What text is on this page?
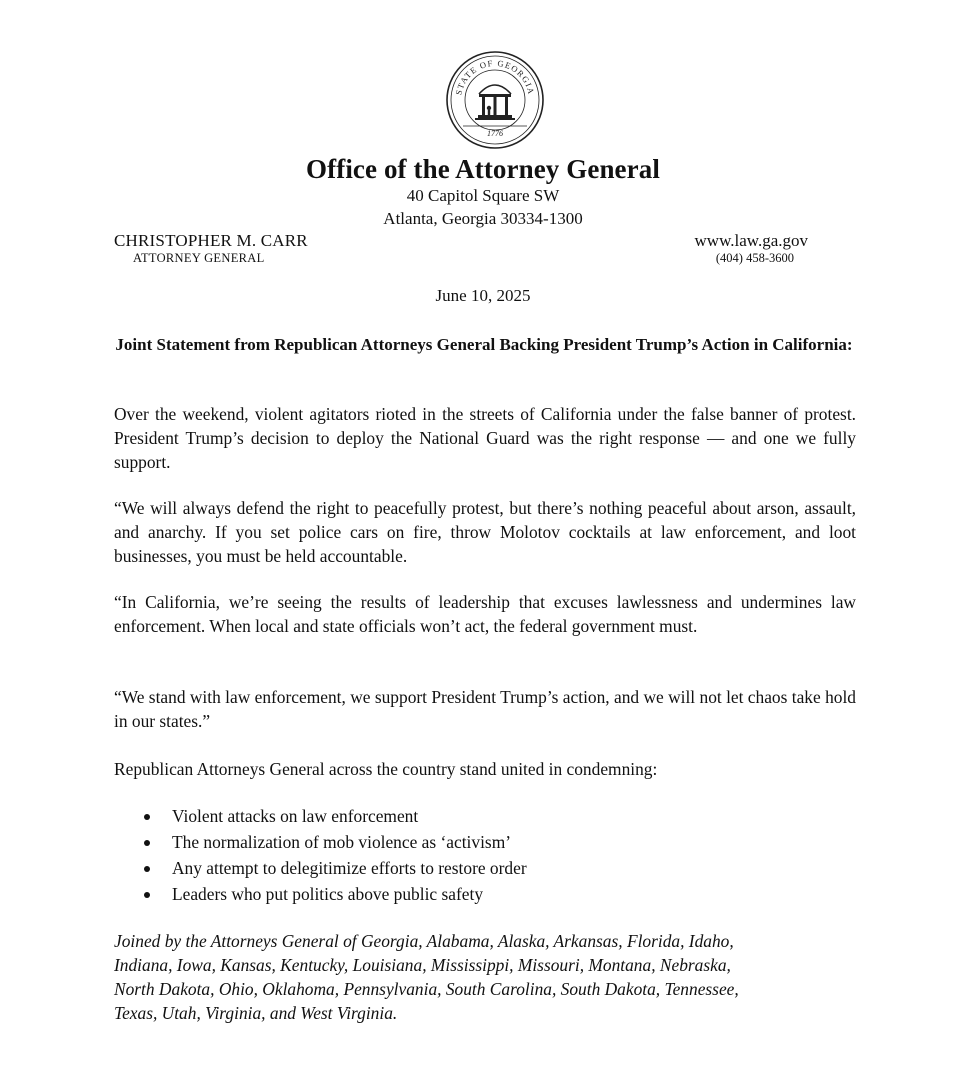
STATE OF GEORGIA
1776
Office of the Attorney General
40 Capitol Square SW
Atlanta, Georgia 30334-1300
CHRISTOPHER M. CARR
ATTORNEY GENERAL
www.law.ga.gov
(404) 458-3600
June 10, 2025
Joint Statement from Republican Attorneys General Backing President Trump’s Action in California:

Over the weekend, violent agitators rioted in the streets of California under the false banner of protest. President Trump’s decision to deploy the National Guard was the right response — and one we fully support.

“We will always defend the right to peacefully protest, but there’s nothing peaceful about arson, assault, and anarchy. If you set police cars on fire, throw Molotov cocktails at law enforcement, and loot businesses, you must be held accountable.

“In California, we’re seeing the results of leadership that excuses lawlessness and undermines law enforcement. When local and state officials won’t act, the federal government must.

“We stand with law enforcement, we support President Trump’s action, and we will not let chaos take hold in our states.”

Republican Attorneys General across the country stand united in condemning:

Violent attacks on law enforcement
The normalization of mob violence as ‘activism’
Any attempt to delegitimize efforts to restore order
Leaders who put politics above public safety

Joined by the Attorneys General of Georgia, Alabama, Alaska, Arkansas, Florida, Idaho,
Indiana, Iowa, Kansas, Kentucky, Louisiana, Mississippi, Missouri, Montana, Nebraska,
North Dakota, Ohio, Oklahoma, Pennsylvania, South Carolina, South Dakota, Tennessee,
Texas, Utah, Virginia, and West Virginia.
